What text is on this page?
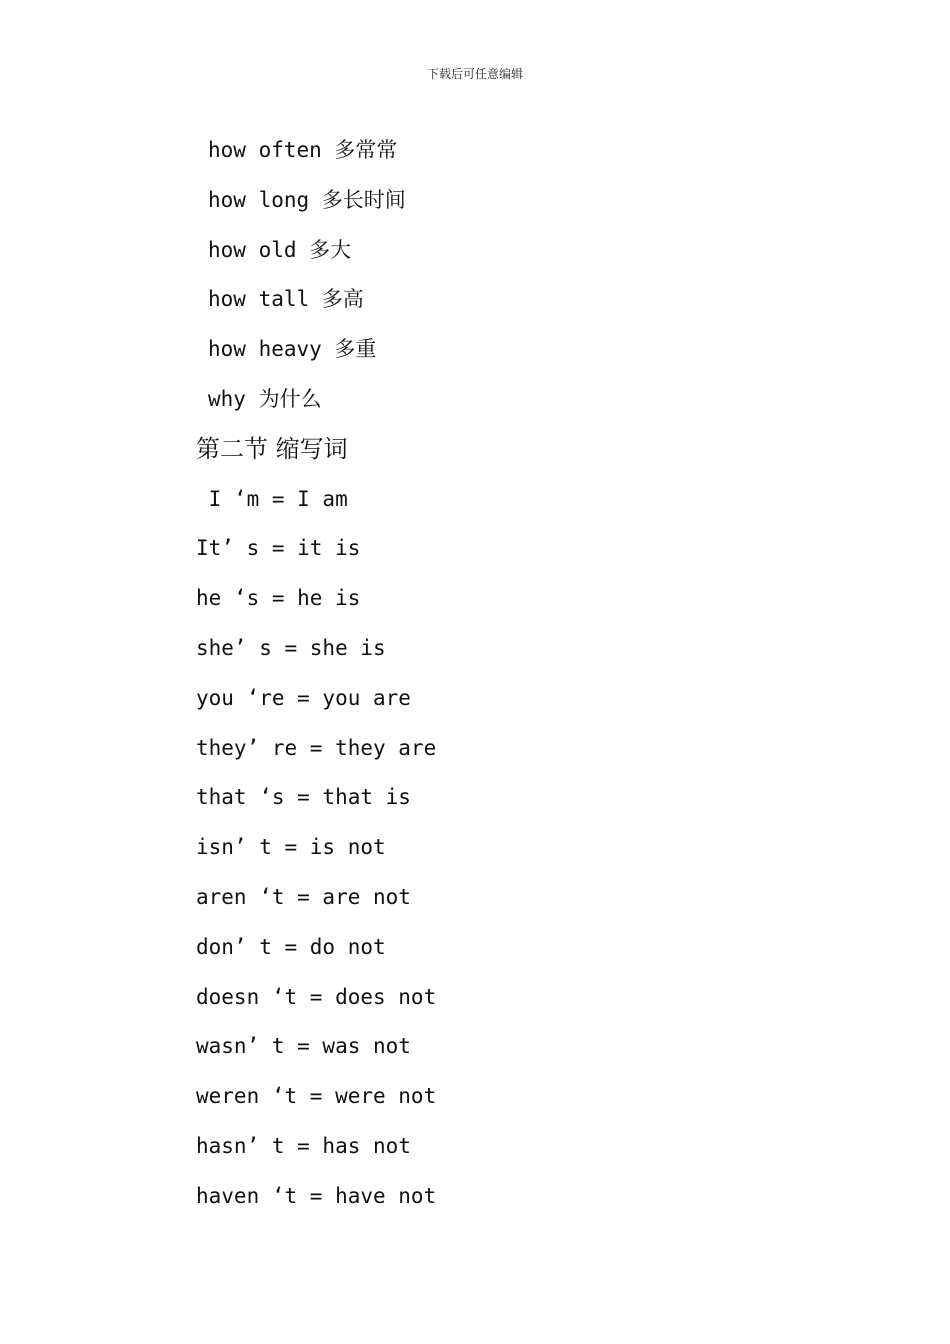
下载后可任意编辑
how often 多常常
how long 多长时间
how old 多大
how tall 多高
how heavy 多重
why 为什么
第二节 缩写词
I ‘m = I am
It’ s = it is
he ‘s = he is
she’ s = she is
you ‘re = you are
they’ re = they are
that ‘s = that is
isn’ t = is not
aren ‘t = are not
don’ t = do not
doesn ‘t = does not
wasn’ t = was not
weren ‘t = were not
hasn’ t = has not
haven ‘t = have not
